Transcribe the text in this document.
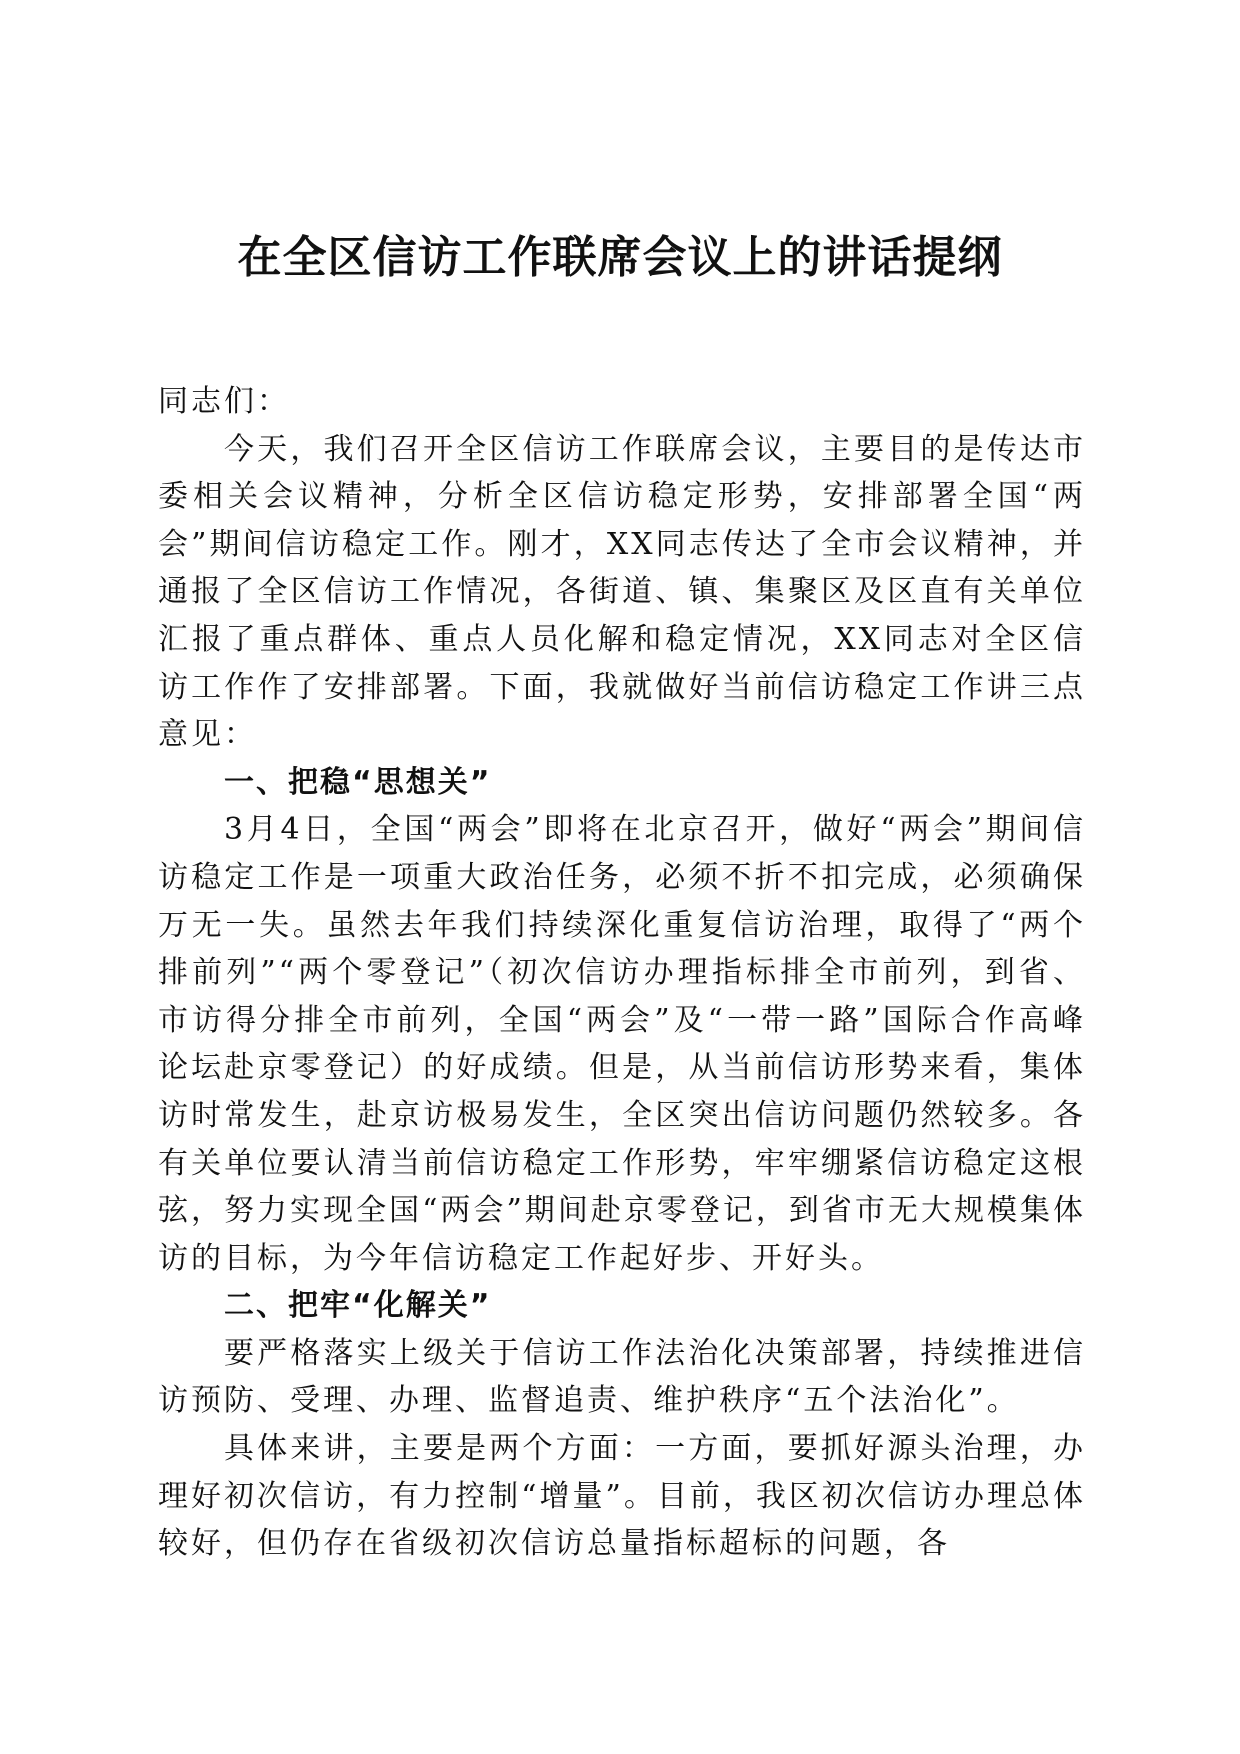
在全区信访工作联席会议上的讲话提纲

同志们：

今天，我们召开全区信访工作联席会议，主要目的是传达市委相关会议精神，分析全区信访稳定形势，安排部署全国“两会”期间信访稳定工作。刚才，XX同志传达了全市会议精神，并通报了全区信访工作情况，各街道、镇、集聚区及区直有关单位汇报了重点群体、重点人员化解和稳定情况，XX同志对全区信访工作作了安排部署。下面，我就做好当前信访稳定工作讲三点意见：

一、把稳“思想关”

3月4日，全国“两会”即将在北京召开，做好“两会”期间信访稳定工作是一项重大政治任务，必须不折不扣完成，必须确保万无一失。虽然去年我们持续深化重复信访治理，取得了“两个排前列”“两个零登记”（初次信访办理指标排全市前列，到省、市访得分排全市前列，全国“两会”及“一带一路”国际合作高峰论坛赴京零登记）的好成绩。但是，从当前信访形势来看，集体访时常发生，赴京访极易发生，全区突出信访问题仍然较多。各有关单位要认清当前信访稳定工作形势，牢牢绷紧信访稳定这根弦，努力实现全国“两会”期间赴京零登记，到省市无大规模集体访的目标，为今年信访稳定工作起好步、开好头。

二、把牢“化解关”

要严格落实上级关于信访工作法治化决策部署，持续推进信访预防、受理、办理、监督追责、维护秩序“五个法治化”。

具体来讲，主要是两个方面：一方面，要抓好源头治理，办理好初次信访，有力控制“增量”。目前，我区初次信访办理总体较好，但仍存在省级初次信访总量指标超标的问题，各
